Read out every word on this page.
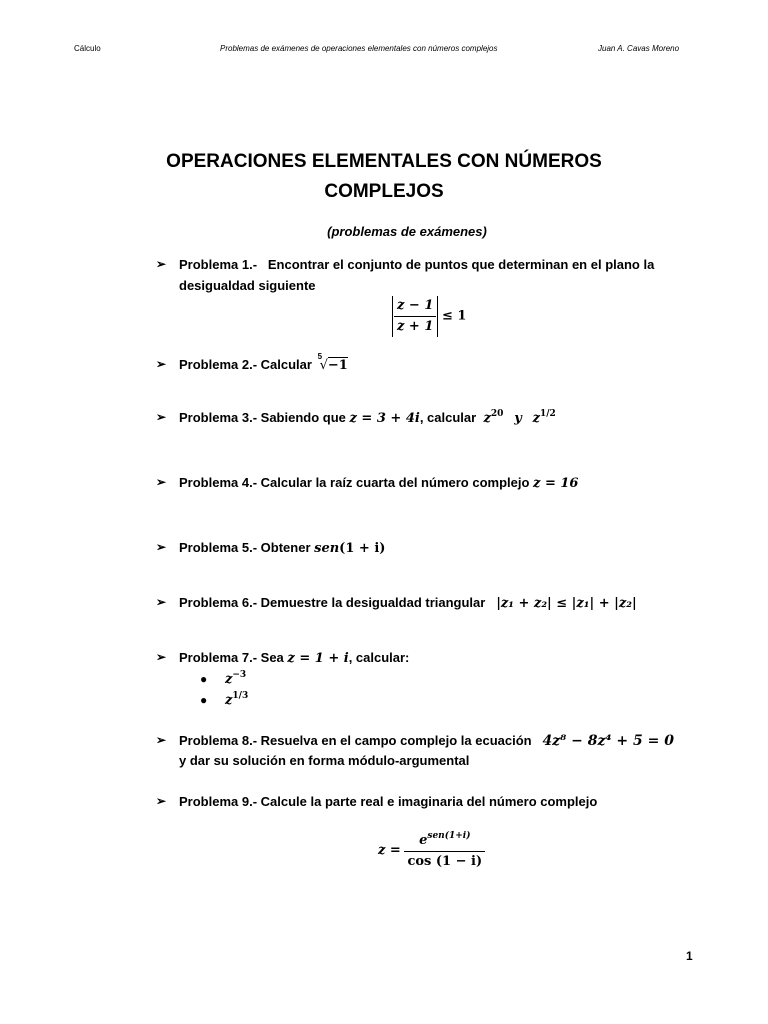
Cálculo	Problemas de exámenes de operaciones elementales con números complejos	Juan A. Cavas Moreno
OPERACIONES ELEMENTALES CON NÚMEROS
COMPLEJOS
(problemas de exámenes)
➢ Problema 1.- Encontrar el conjunto de puntos que determinan en el plano la
desigualdad siguiente
$\frac{z - 1}{z + 1} \le 1$
➢ Problema 2.- Calcular
5
√−1
➢ Problema 3.- Sabiendo que z = 3 + 4i, calcular $z^{20}$ y $z^{1/2}$
➢ Problema 4.- Calcular la raíz cuarta del número complejo z = 16
➢ Problema 5.- Obtener sen(1 + i)
➢ Problema 6.- Demuestre la desigualdad triangular |z₁ + z₂| ≤ |z₁| + |z₂|
➢ Problema 7.- Sea z = 1 + i, calcular:
● $z^{-3}$
● $z^{1/3}$
➢ Problema 8.- Resuelva en el campo complejo la ecuación 4z⁸ − 8z⁴ + 5 = 0
y dar su solución en forma módulo-argumental
➢ Problema 9.- Calcule la parte real e imaginaria del número complejo
$z = \frac{e^{sen(1+i)}}{\cos (1 - i)}$
1
